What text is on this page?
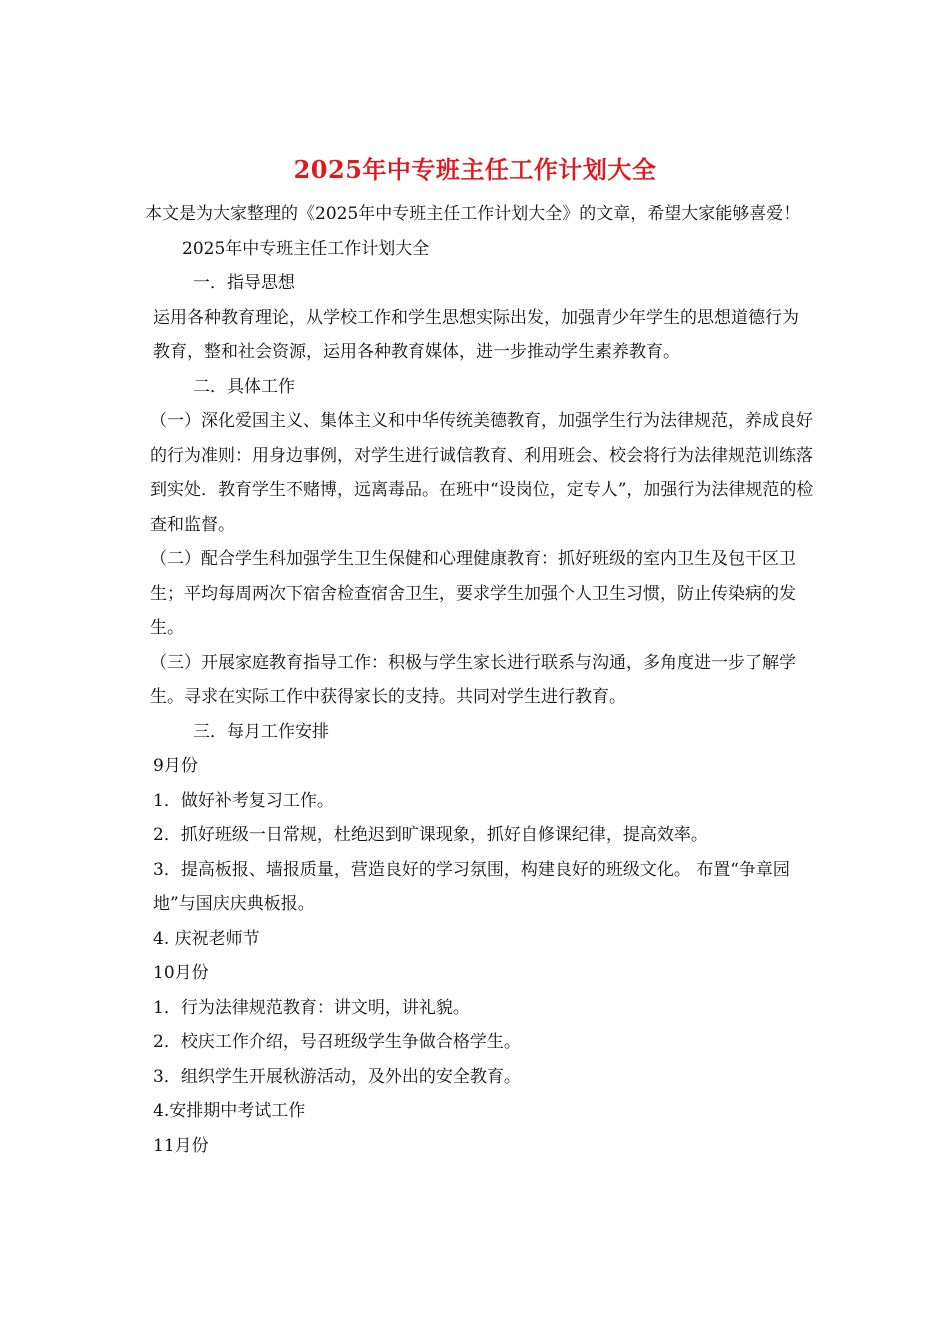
2025年中专班主任工作计划大全

本文是为大家整理的《2025年中专班主任工作计划大全》的文章，希望大家能够喜爱！

2025年中专班主任工作计划大全

一．指导思想

运用各种教育理论，从学校工作和学生思想实际出发，加强青少年学生的思想道德行为教育，整和社会资源，运用各种教育媒体，进一步推动学生素养教育。

二．具体工作

（一）深化爱国主义、集体主义和中华传统美德教育，加强学生行为法律规范，养成良好的行为准则：用身边事例，对学生进行诚信教育、利用班会、校会将行为法律规范训练落到实处．教育学生不赌博，远离毒品。在班中“设岗位，定专人”，加强行为法律规范的检查和监督。

（二）配合学生科加强学生卫生保健和心理健康教育：抓好班级的室内卫生及包干区卫生；平均每周两次下宿舍检查宿舍卫生，要求学生加强个人卫生习惯，防止传染病的发生。

（三）开展家庭教育指导工作：积极与学生家长进行联系与沟通，多角度进一步了解学生。寻求在实际工作中获得家长的支持。共同对学生进行教育。

三．每月工作安排

9月份

1．做好补考复习工作。

2．抓好班级一日常规，杜绝迟到旷课现象，抓好自修课纪律，提高效率。

3．提高板报、墙报质量，营造良好的学习氛围，构建良好的班级文化。 布置“争章园地”与国庆庆典板报。

4. 庆祝老师节

10月份

1．行为法律规范教育：讲文明，讲礼貌。

2．校庆工作介绍，号召班级学生争做合格学生。

3．组织学生开展秋游活动，及外出的安全教育。

4.安排期中考试工作

11月份
